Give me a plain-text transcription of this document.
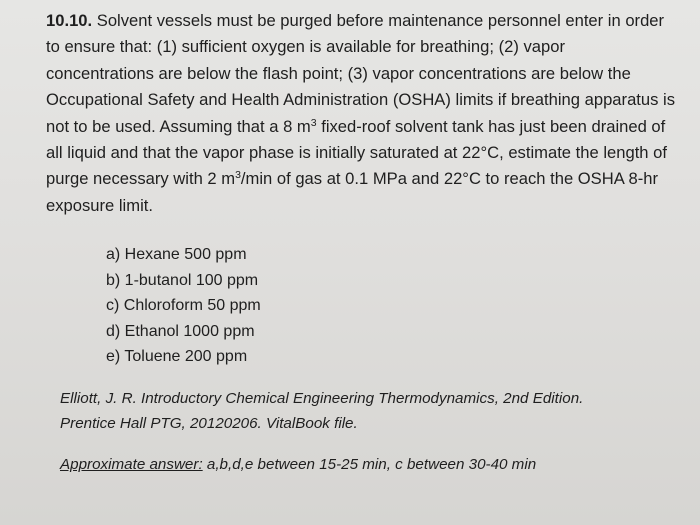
10.10. Solvent vessels must be purged before maintenance personnel enter in order to ensure that: (1) sufficient oxygen is available for breathing; (2) vapor concentrations are below the flash point; (3) vapor concentrations are below the Occupational Safety and Health Administration (OSHA) limits if breathing apparatus is not to be used. Assuming that a 8 $m^3$ fixed-roof solvent tank has just been drained of all liquid and that the vapor phase is initially saturated at 22°C, estimate the length of purge necessary with 2 $m^3/\min$ of gas at 0.1 MPa and 22°C to reach the OSHA 8-hr exposure limit.
a) Hexane 500 ppm
b) 1-butanol 100 ppm
c) Chloroform 50 ppm
d) Ethanol 1000 ppm
e) Toluene 200 ppm
Elliott, J. R. Introductory Chemical Engineering Thermodynamics, 2nd Edition.
Prentice Hall PTG, 20120206. VitalBook file.
Approximate answer: a,b,d,e between 15-25 min, c between 30-40 min
